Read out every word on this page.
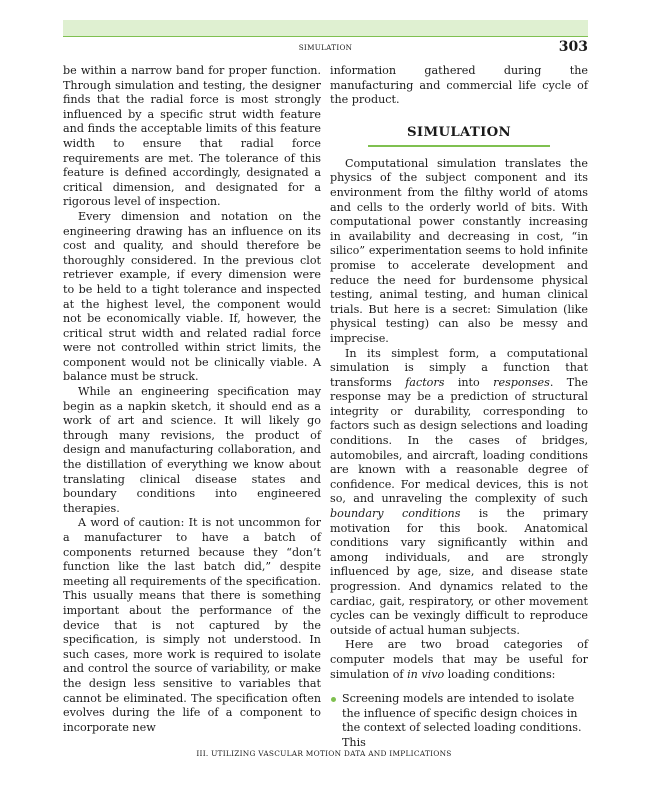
SIMULATION	303

be within a narrow band for proper function. Through simulation and testing, the designer finds that the radial force is most strongly influenced by a specific strut width feature and finds the acceptable limits of this feature width to ensure that radial force requirements are met. The tolerance of this feature is defined accordingly, designated a critical dimension, and designated for a rigorous level of inspection.

Every dimension and notation on the engineering drawing has an influence on its cost and quality, and should therefore be thoroughly considered. In the previous clot retriever example, if every dimension were to be held to a tight tolerance and inspected at the highest level, the component would not be economically viable. If, however, the critical strut width and related radial force were not controlled within strict limits, the component would not be clinically viable. A balance must be struck.

While an engineering specification may begin as a napkin sketch, it should end as a work of art and science. It will likely go through many revisions, the product of design and manufacturing collaboration, and the distillation of everything we know about translating clinical disease states and boundary conditions into engineered therapies.

A word of caution: It is not uncommon for a manufacturer to have a batch of components returned because they “don’t function like the last batch did,” despite meeting all requirements of the specification. This usually means that there is something important about the performance of the device that is not captured by the specification, is simply not understood. In such cases, more work is required to isolate and control the source of variability, or make the design less sensitive to variables that cannot be eliminated. The specification often evolves during the life of a component to incorporate new

information gathered during the manufacturing and commercial life cycle of the product.

SIMULATION

Computational simulation translates the physics of the subject component and its environment from the filthy world of atoms and cells to the orderly world of bits. With computational power constantly increasing in availability and decreasing in cost, “in silico” experimentation seems to hold infinite promise to accelerate development and reduce the need for burdensome physical testing, animal testing, and human clinical trials. But here is a secret: Simulation (like physical testing) can also be messy and imprecise.

In its simplest form, a computational simulation is simply a function that transforms factors into responses. The response may be a prediction of structural integrity or durability, corresponding to factors such as design selections and loading conditions. In the cases of bridges, automobiles, and aircraft, loading conditions are known with a reasonable degree of confidence. For medical devices, this is not so, and unraveling the complexity of such boundary conditions is the primary motivation for this book. Anatomical conditions vary significantly within and among individuals, and are strongly influenced by age, size, and disease state progression. And dynamics related to the cardiac, gait, respiratory, or other movement cycles can be vexingly difficult to reproduce outside of actual human subjects.

Here are two broad categories of computer models that may be useful for simulation of in vivo loading conditions:

Screening models are intended to isolate the influence of specific design choices in the context of selected loading conditions. This
III. UTILIZING VASCULAR MOTION DATA AND IMPLICATIONS
